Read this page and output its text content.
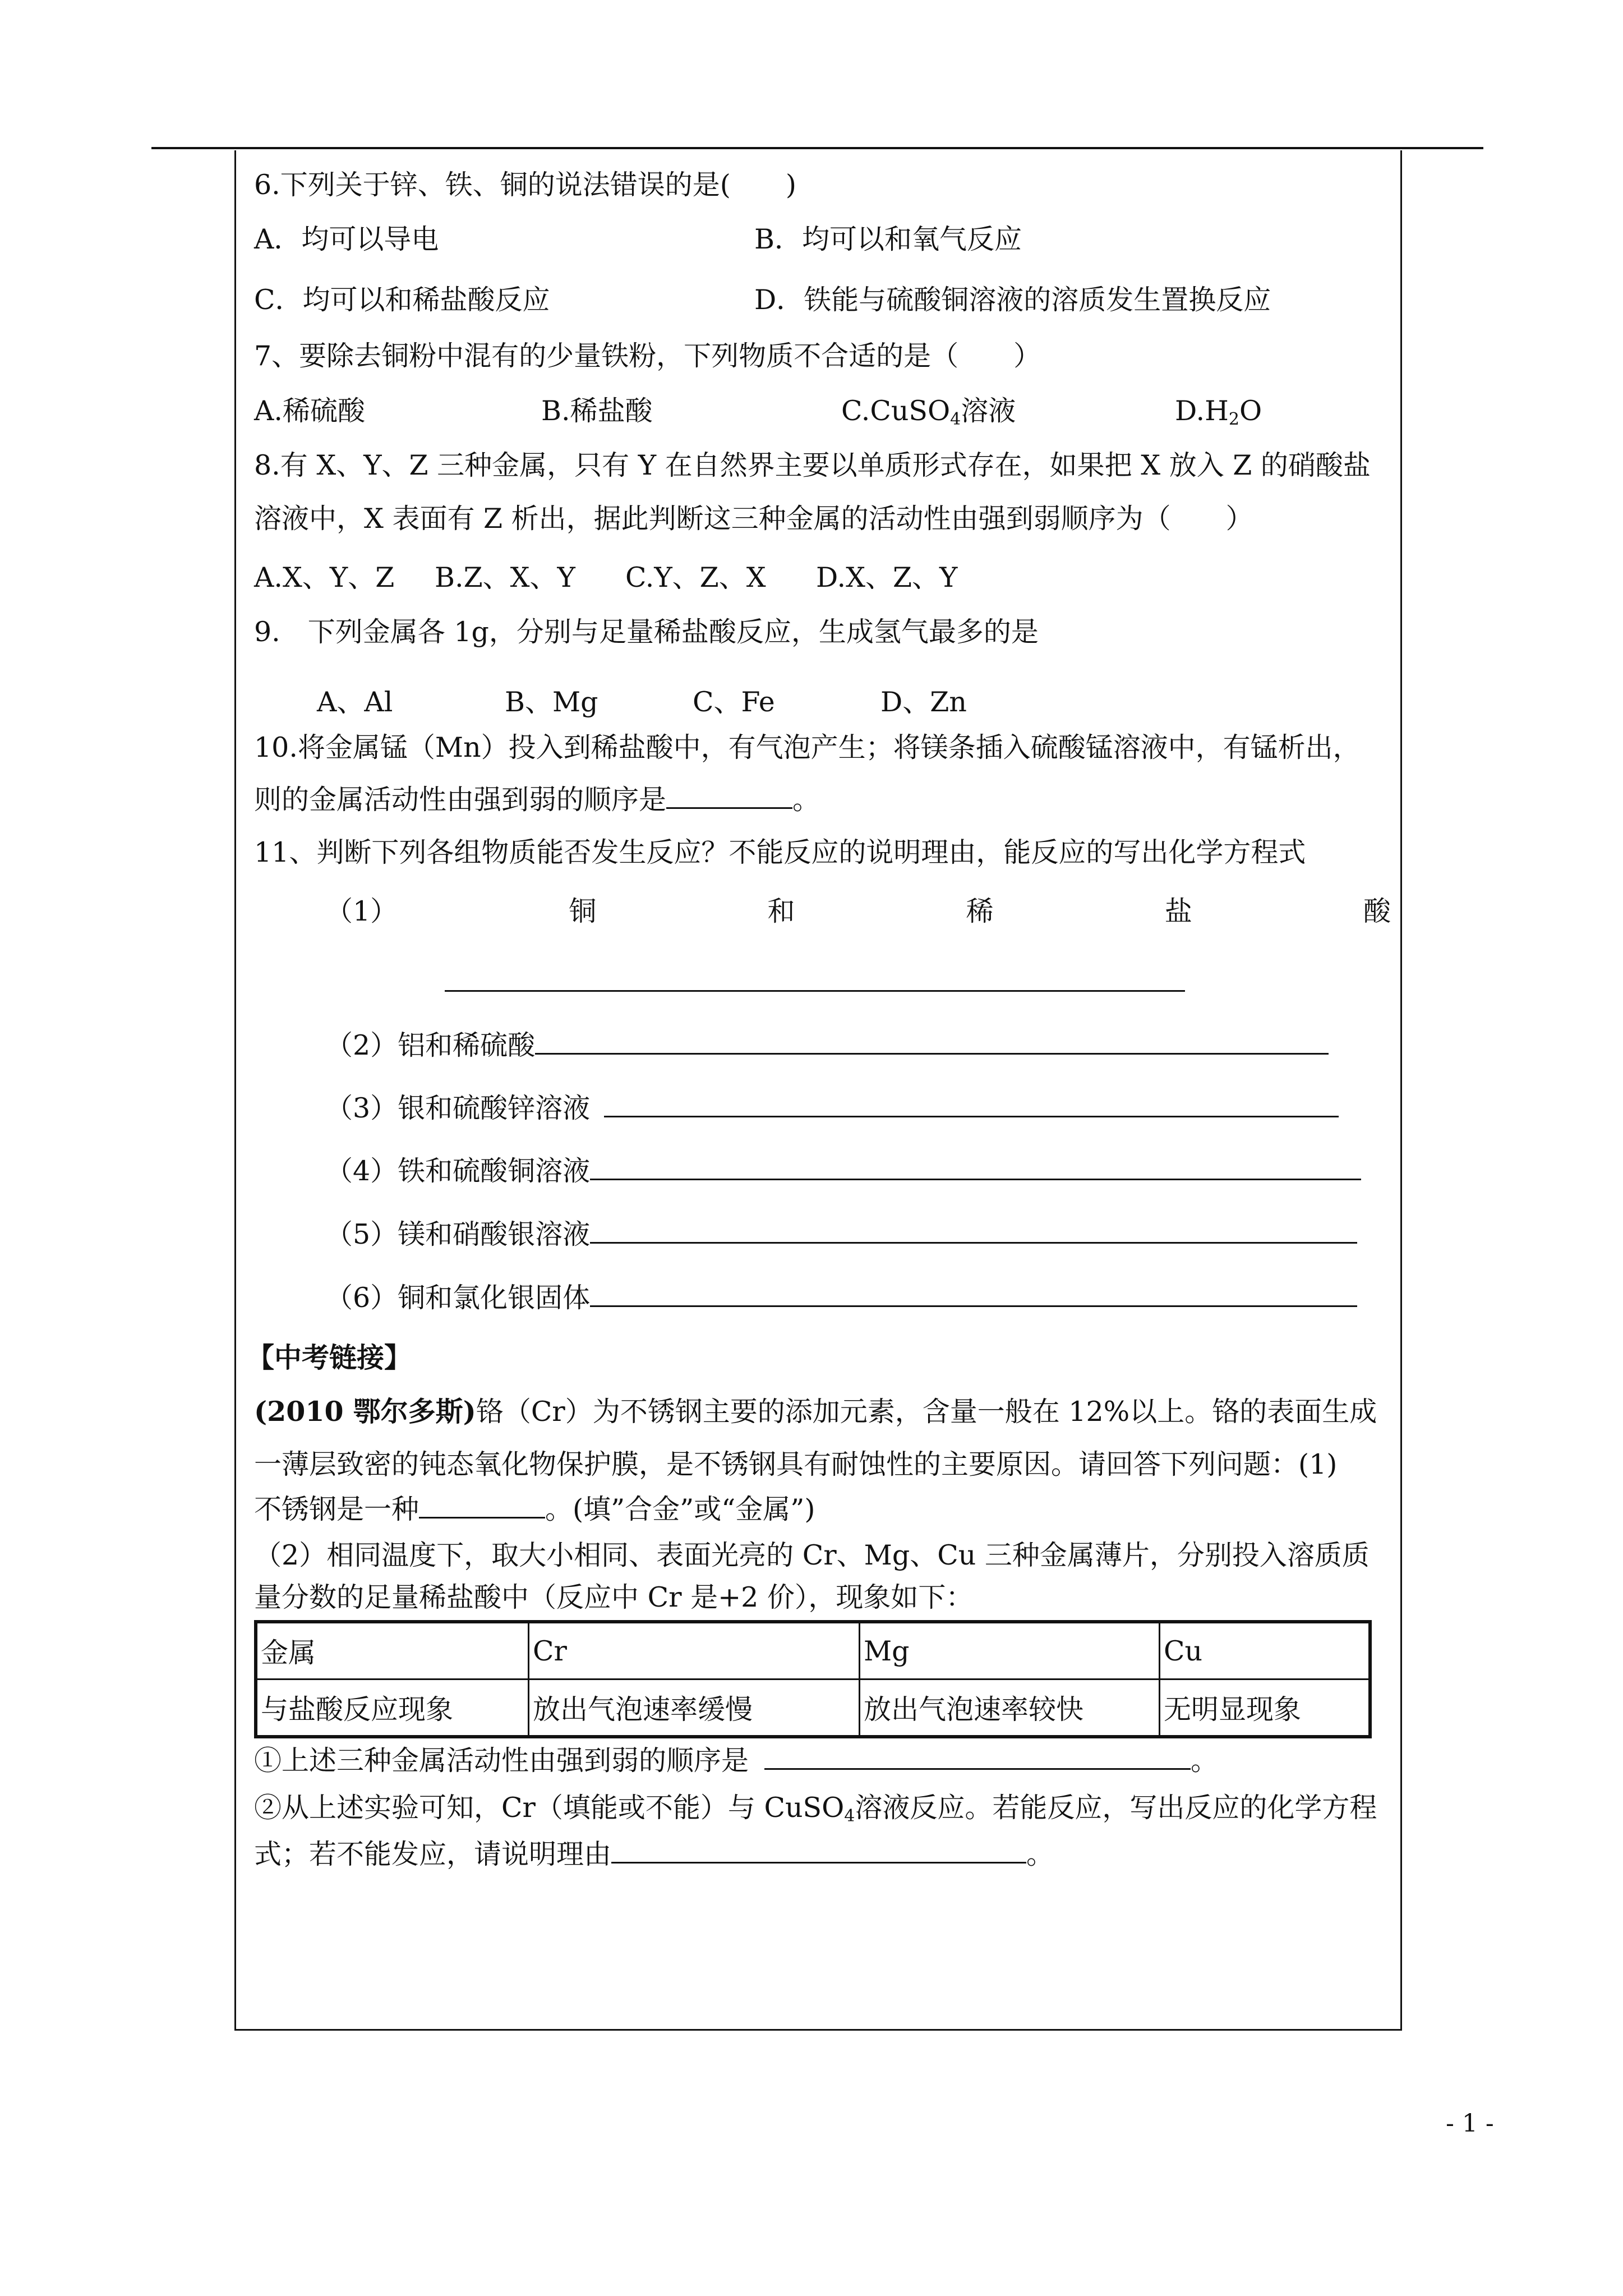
6.下列关于锌、铁、铜的说法错误的是(　　)
A．均可以导电	B．均可以和氧气反应
C．均可以和稀盐酸反应	D．铁能与硫酸铜溶液的溶质发生置换反应
7、要除去铜粉中混有的少量铁粉，下列物质不合适的是（　　）
A.稀硫酸	B.稀盐酸	C.CuSO$_4$溶液	$D.H_2O$
8.有 X、Y、Z 三种金属，只有 Y 在自然界主要以单质形式存在，如果把 X 放入 Z 的硝酸盐
溶液中，X 表面有 Z 析出，据此判断这三种金属的活动性由强到弱顺序为（　　）
A.X、Y、Z B.Z、X、Y C.Y、Z、X D.X、Z、Y
9.　下列金属各 1g，分别与足量稀盐酸反应，生成氢气最多的是
A、Al	B、Mg	C、Fe	D、Zn
10.将金属锰（Mn）投入到稀盐酸中，有气泡产生；将镁条插入硫酸锰溶液中，有锰析出，
则的金属活动性由强到弱的顺序是	。
11、判断下列各组物质能否发生反应？不能反应的说明理由，能反应的写出化学方程式
（1）	铜	和	稀	盐	酸
（2）铝和稀硫酸
（3）银和硫酸锌溶液
（4）铁和硫酸铜溶液
（5）镁和硝酸银溶液
（6）铜和氯化银固体
【中考链接】
(2010 鄂尔多斯)铬（Cr）为不锈钢主要的添加元素，含量一般在 12%以上。铬的表面生成
一薄层致密的钝态氧化物保护膜，是不锈钢具有耐蚀性的主要原因。请回答下列问题：(1)
不锈钢是一种	。(填”合金”或“金属”)
（2）相同温度下，取大小相同、表面光亮的 Cr、Mg、Cu 三种金属薄片，分别投入溶质质
量分数的足量稀盐酸中（反应中 Cr 是+2 价），现象如下：
金属	Cr	Mg	Cu
与盐酸反应现象	放出气泡速率缓慢	放出气泡速率较快	无明显现象
①上述三种金属活动性由强到弱的顺序是	。
②从上述实验可知，Cr（填能或不能）与 CuSO$_4$溶液反应。若能反应，写出反应的化学方程
式；若不能发应，请说明理由	。
- 1 -
